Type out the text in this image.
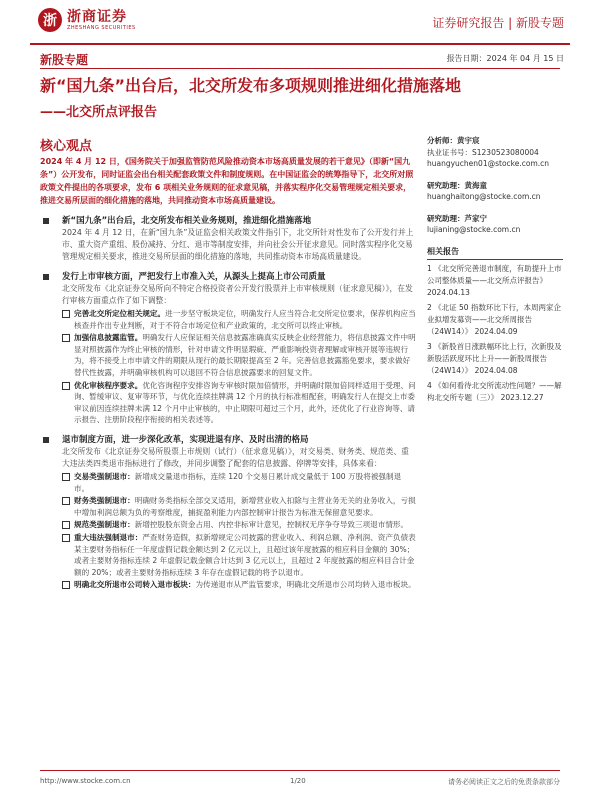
浙 浙商证券
ZHESHANG SECURITIES	证券研究报告 | 新股专题
新股专题	报告日期：2024 年 04 月 15 日
新“国九条”出台后，北交所发布多项规则推进细化措施落地
——北交所点评报告
核心观点

2024 年 4 月 12 日，《国务院关于加强监管防范风险推动资本市场高质量发展的若干意见》（即新“国九条”）公开发布，同时证监会出台相关配套政策文件和制度规则。在中国证监会的统筹指导下，北交所对照政策文件提出的各项要求，发布 6 项相关业务规则的征求意见稿，并落实程序化交易管理规定相关要求，推进交易所层面的细化措施的落地，共同推动资本市场高质量建设。

新“国九条”出台后，北交所发布相关业务规则，推进细化措施落地
2024 年 4 月 12 日，在新“国九条”及证监会相关政策文件指引下，北交所针对性发布了公开发行并上市、重大资产重组、股份减持、分红、退市等制度安排，并向社会公开征求意见。同时落实程序化交易管理规定相关要求，推进交易所层面的细化措施的落地，共同推动资本市场高质量建设。
发行上市审核方面，严把发行上市准入关，从源头上提高上市公司质量
北交所发布《北京证券交易所向不特定合格投资者公开发行股票并上市审核规则（征求意见稿）》，在发行审核方面重点作了如下调整：
完善北交所定位相关规定。进一步坚守板块定位，明确发行人应当符合北交所定位要求，保荐机构应当核查并作出专业判断，对于不符合市场定位和产业政策的，北交所可以终止审核。
加强信息披露监管。明确发行人应保证相关信息披露准确真实反映企业经营能力，将信息披露文件中明显对照披露作为终止审核的情形，针对申请文件明显瑕疵、严重影响投资者理解或审核开展等违规行为，将不接受上市申请文件的期限从现行的最长期限提高至 2 年。完善信息披露豁免要求，要求做好替代性披露，并明确审核机构可以退回不符合信息披露要求的回复文件。
优化审核程序要求。优化咨询程序安排咨询专审核时限加倍情形，并明确时限加倍同样适用于受理、问询、暂缓审议、复审等环节，与优化连续挂牌满 12 个月的执行标准相配套，明确发行人在提交上市委审议前因连续挂牌未满 12 个月中止审核的，中止期限可超过三个月，此外，还优化了行业咨询等、请示报告、注册阶段程序衔接的相关表述等。
退市制度方面，进一步深化改革，实现进退有序、及时出清的格局
北交所发布《北京证券交易所股票上市规则（试行）（征求意见稿）》，对交易类、财务类、规范类、重大违法类四类退市指标进行了修改，并同步调整了配套的信息披露、停牌等安排，具体来看：
交易类强制退市：新增成交量退市指标，连续 120 个交易日累计成交量低于 100 万股将被强制退市。
财务类强制退市：明确财务类指标全部交叉适用，新增营业收入扣除与主营业务无关的业务收入，亏损中增加利润总额为负的考察维度，捕捉盈利能力内部控制审计报告为标准无保留意见要求。
规范类强制退市：新增控股股东资金占用、内控非标审计意见，控制权无序争夺导致三项退市情形。
重大违法强制退市：严查财务造假，拟新增规定公司披露的营业收入、利润总额、净利润、资产负债表某主要财务指标任一年度虚假记载金额达到 2 亿元以上，且超过该年度披露的相应科目金额的 30%；或者主要财务指标连续 2 年虚假记载金额合计达到 3 亿元以上，且超过 2 年度披露的相应科目合计金额的 20%；或者主要财务指标连续 3 年存在虚假记载的将予以退市。
明确北交所退市公司转入退市板块：为传递退市从严监管要求，明确北交所退市公司均转入退市板块。
分析师：黄宇宸
执业证书号：S1230523080004
huangyuchen01@stocke.com.cn
研究助理：黄海童
huanghaitong@stocke.com.cn
研究助理：芦家宁
lujianing@stocke.com.cn
相关报告
1 《北交所完善退市制度，有助提升上市公司整体质量——北交所点评报告》 2024.04.13
2 《北证 50 指数环比下行，本周两家企业拟增发募资——北交所周报告（24W14）》 2024.04.09
3 《新股首日涨跌幅环比上行，次新股及新股活跃度环比上升——新股周报告（24W14）》 2024.04.08
4 《如何看待北交所流动性问题？——解构北交所专题（三）》 2023.12.27
http://www.stocke.com.cn	1/20	请务必阅读正文之后的免责条款部分
